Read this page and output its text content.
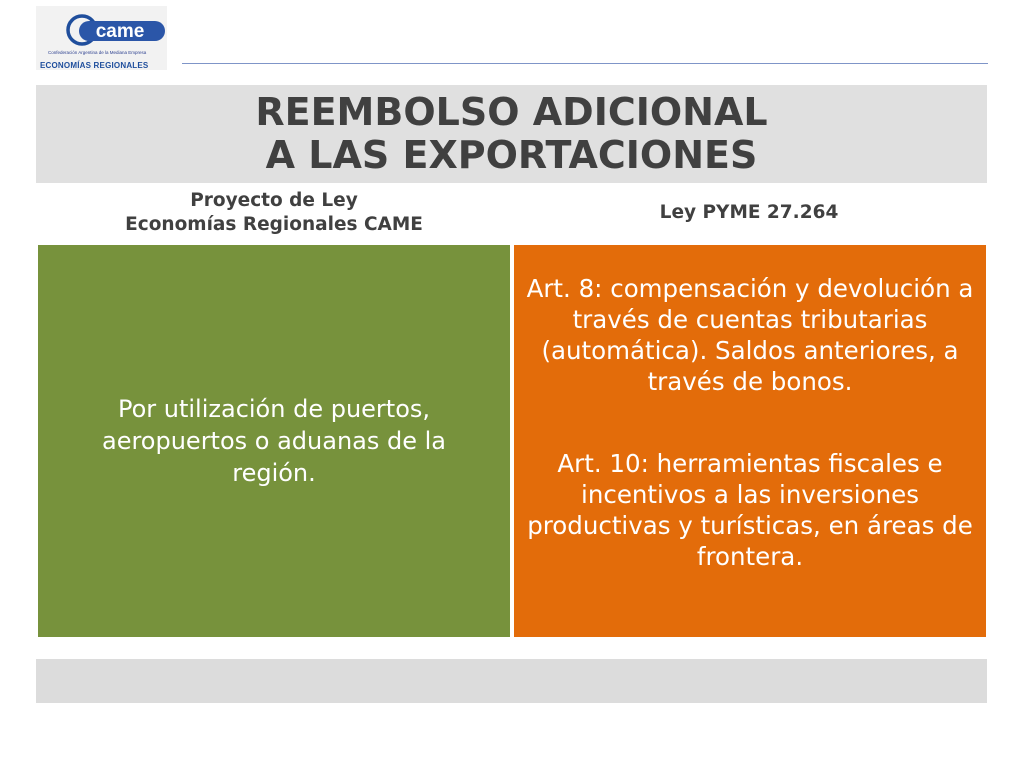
came
Confederación Argentina de la Mediana Empresa
ECONOMÍAS REGIONALES
REEMBOLSO ADICIONAL
A LAS EXPORTACIONES
Proyecto de Ley
Economías Regionales CAME
Ley PYME 27.264
Por utilización de puertos, aeropuertos o aduanas de la región.
Art. 8: compensación y devolución a través de cuentas tributarias (automática). Saldos anteriores, a través de bonos.
Art. 10: herramientas fiscales e incentivos a las inversiones productivas y turísticas, en áreas de frontera.
